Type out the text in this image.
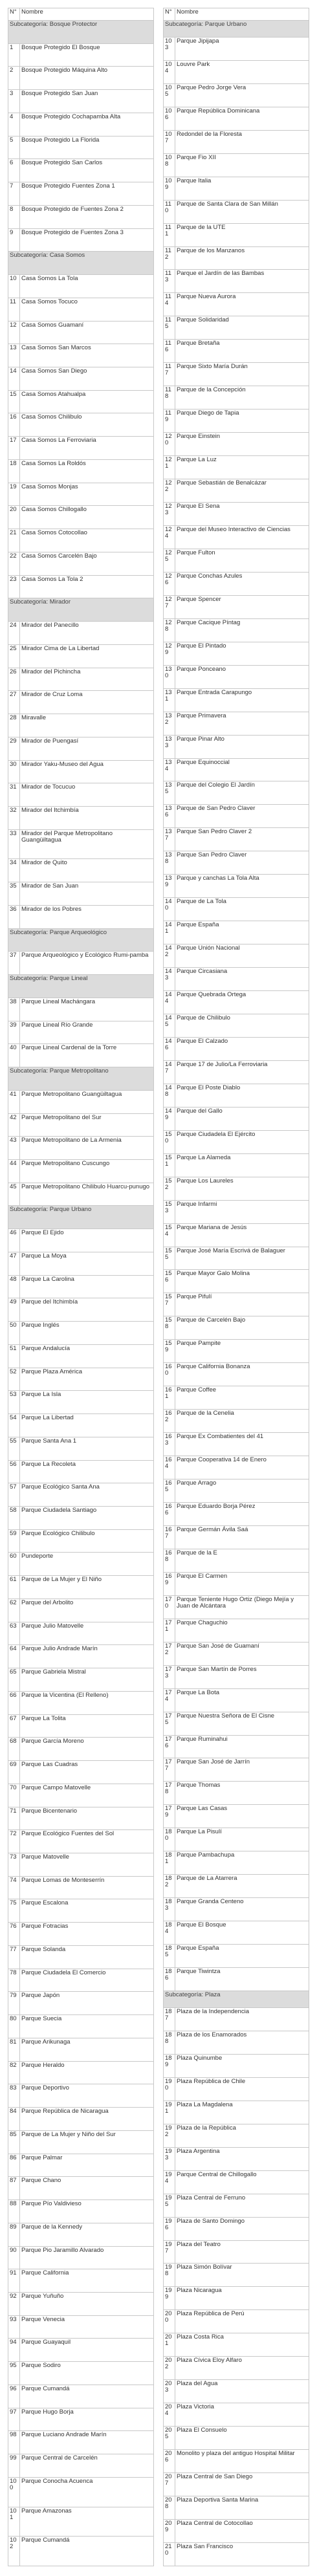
N°	Nombre
Subcategoría: Bosque Protector	
1	Bosque Protegido El Bosque
2	Bosque Protegido Máquina Alto
3	Bosque Protegido San Juan
4	Bosque Protegido Cochapamba Alta
5	Bosque Protegido La Florida
6	Bosque Protegido San Carlos
7	Bosque Protegido Fuentes Zona 1
8	Bosque Protegido de Fuentes Zona 2
9	Bosque Protegido de Fuentes Zona 3
Subcategoría: Casa Somos	
10	Casa Somos La Tola
11	Casa Somos Tocuco
12	Casa Somos Guamaní
13	Casa Somos San Marcos
14	Casa Somos San Diego
15	Casa Somos Atahualpa
16	Casa Somos Chilibulo
17	Casa Somos La Ferroviaria
18	Casa Somos La Roldós
19	Casa Somos Monjas
20	Casa Somos Chillogallo
21	Casa Somos Cotocollao
22	Casa Somos Carcelén Bajo
23	Casa Somos La Tola 2
Subcategoría: Mirador	
24	Mirador del Panecillo
25	Mirador Cima de La Libertad
26	Mirador del Pichincha
27	Mirador de Cruz Loma
28	Miravalle
29	Mirador de Puengasí
30	Mirador Yaku-Museo del Agua
31	Mirador de Tocucuo
32	Mirador del Itchimbía
33	Mirador del Parque Metropolitano Guangüiltagua
34	Mirador de Quito
35	Mirador de San Juan
36	Mirador de los Pobres
Subcategoría: Parque Arqueológico	
37	Parque Arqueológico y Ecológico Rumi-pamba
Subcategoría: Parque Lineal	
38	Parque Lineal Machángara
39	Parque Lineal Río Grande
40	Parque Lineal Cardenal de la Torre
Subcategoría: Parque Metropolitano	
41	Parque Metropolitano Guangüiltagua
42	Parque Metropolitano del Sur
43	Parque Metropolitano de La Armenia
44	Parque Metropolitano Cuscungo
45	Parque Metropolitano Chilibulo Huarcu-punugo
Subcategoría: Parque Urbano	
46	Parque El Ejido
47	Parque La Moya
48	Parque La Carolina
49	Parque del Itchimbía
50	Parque Inglés
51	Parque Andalucía
52	Parque Plaza América
53	Parque La Isla
54	Parque La Libertad
55	Parque Santa Ana 1
56	Parque La Recoleta
57	Parque Ecológico Santa Ana
58	Parque Ciudadela Santiago
59	Parque Ecológico Chilibulo
60	Pundeporte
61	Parque de La Mujer y El Niño
62	Parque del Arbolito
63	Parque Julio Matovelle
64	Parque Julio Andrade Marín
65	Parque Gabriela Mistral
66	Parque la Vicentina (El Relleno)
67	Parque La Tolita
68	Parque García Moreno
69	Parque Las Cuadras
70	Parque Campo Matovelle
71	Parque Bicentenario
72	Parque Ecológico Fuentes del Sol
73	Parque Matovelle
74	Parque Lomas de Monteserrín
75	Parque Escalona
76	Parque Fotracias
77	Parque Solanda
78	Parque Ciudadela El Comercio
79	Parque Japón
80	Parque Suecia
81	Parque Arikunaga
82	Parque Heraldo
83	Parque Deportivo
84	Parque República de Nicaragua
85	Parque de La Mujer y Niño del Sur
86	Parque Palmar
87	Parque Chano
88	Parque Pío Valdivieso
89	Parque de la Kennedy
90	Parque Pio Jaramillo Alvarado
91	Parque California
92	Parque Yuñuño
93	Parque Venecia
94	Parque Guayaquil
95	Parque Sodiro
96	Parque Cumandá
97	Parque Hugo Borja
98	Parque Luciano Andrade Marín
99	Parque Central de Carcelén
100	Parque Conocha Acuenca
101	Parque Amazonas
102	Parque Cumandá
N°	Nombre
Subcategoría: Parque Urbano	
103	Parque Jipijapa
104	Louvre Park
105	Parque Pedro Jorge Vera
106	Parque República Dominicana
107	Redondel de la Floresta
108	Parque Fio XII
109	Parque Italia
110	Parque de Santa Clara de San Millán
111	Parque de la UTE
112	Parque de los Manzanos
113	Parque el Jardín de las Bambas
114	Parque Nueva Aurora
115	Parque Solidaridad
116	Parque Bretaña
117	Parque Sixto María Durán
118	Parque de la Concepción
119	Parque Diego de Tapia
120	Parque Einstein
121	Parque La Luz
122	Parque Sebastián de Benalcázar
123	Parque El Sena
124	Parque del Museo Interactivo de Ciencias
125	Parque Fulton
126	Parque Conchas Azules
127	Parque Spencer
128	Parque Cacique Píntag
129	Parque El Pintado
130	Parque Ponceano
131	Parque Entrada Carapungo
132	Parque Primavera
133	Parque Pinar Alto
134	Parque Equinoccial
135	Parque del Colegio El Jardín
136	Parque de San Pedro Claver
137	Parque San Pedro Claver 2
138	Parque San Pedro Claver
139	Parque y canchas La Tola Alta
140	Parque de La Tola
141	Parque España
142	Parque Unión Nacional
143	Parque Circasiana
144	Parque Quebrada Ortega
145	Parque de Chilibulo
146	Parque El Calzado
147	Parque 17 de Julio/La Ferroviaria
148	Parque El Poste Diablo
149	Parque del Gallo
150	Parque Ciudadela El Ejército
151	Parque La Alameda
152	Parque Los Laureles
153	Parque Infarmi
154	Parque Mariana de Jesús
155	Parque José María Escrivá de Balaguer
156	Parque Mayor Galo Molina
157	Parque Pifulí
158	Parque de Carcelén Bajo
159	Parque Pampite
160	Parque California Bonanza
161	Parque Coffee
162	Parque de la Cenelia
163	Parque Ex Combatientes del 41
164	Parque Cooperativa 14 de Enero
165	Parque Arrago
166	Parque Eduardo Borja Pérez
167	Parque Germán Ávila Saá
168	Parque de la E
169	Parque El Carmen
170	Parque Teniente Hugo Ortiz (Diego Mejía y Juan de Alcántara
171	Parque Chaguchio
172	Parque San José de Guamaní
173	Parque San Martín de Porres
174	Parque La Bota
175	Parque Nuestra Señora de El Cisne
176	Parque Ruminahui
177	Parque San José de Jarrín
178	Parque Thomas
179	Parque Las Casas
180	Parque La Pisulí
181	Parque Pambachupa
182	Parque de La Atarrera
183	Parque Granda Centeno
184	Parque El Bosque
185	Parque España
186	Parque Tiwintza
Subcategoría: Plaza	
187	Plaza de la Independencia
188	Plaza de los Enamorados
189	Plaza Quinumbe
190	Plaza República de Chile
191	Plaza La Magdalena
192	Plaza de la República
193	Plaza Argentina
194	Parque Central de Chillogallo
195	Plaza Central de Ferruno
196	Plaza de Santo Domingo
197	Plaza del Teatro
198	Plaza Simón Bolívar
199	Plaza Nicaragua
200	Plaza República de Perú
201	Plaza Costa Rica
202	Plaza Cívica Eloy Alfaro
203	Plaza del Agua
204	Plaza Victoria
205	Plaza El Consuelo
206	Monolito y plaza del antiguo Hospital Militar
207	Plaza Central de San Diego
208	Plaza Deportiva Santa Marina
209	Plaza Central de Cotocollao
210	Plaza San Francisco
